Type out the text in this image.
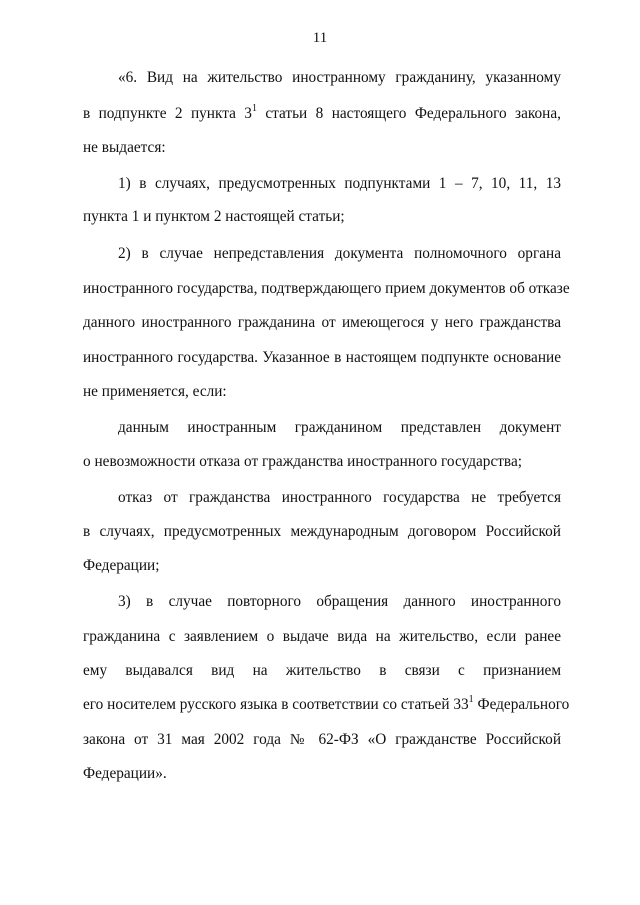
11
«6. Вид на жительство иностранному гражданину, указанному
в подпункте 2 пункта $3^1$ статьи 8 настоящего Федерального закона,
не выдается:
1) в случаях, предусмотренных подпунктами 1 – 7, 10, 11, 13
пункта 1 и пунктом 2 настоящей статьи;
2) в случае непредставления документа полномочного органа
иностранного государства, подтверждающего прием документов об отказе
данного иностранного гражданина от имеющегося у него гражданства
иностранного государства. Указанное в настоящем подпункте основание
не применяется, если:
данным иностранным гражданином представлен документ
о невозможности отказа от гражданства иностранного государства;
отказ от гражданства иностранного государства не требуется
в случаях, предусмотренных международным договором Российской
Федерации;
3) в случае повторного обращения данного иностранного
гражданина с заявлением о выдаче вида на жительство, если ранее
ему выдавался вид на жительство в связи с признанием
его носителем русского языка в соответствии со статьей $33^1$ Федерального
закона от 31 мая 2002 года № 62-ФЗ «О гражданстве Российской
Федерации».
